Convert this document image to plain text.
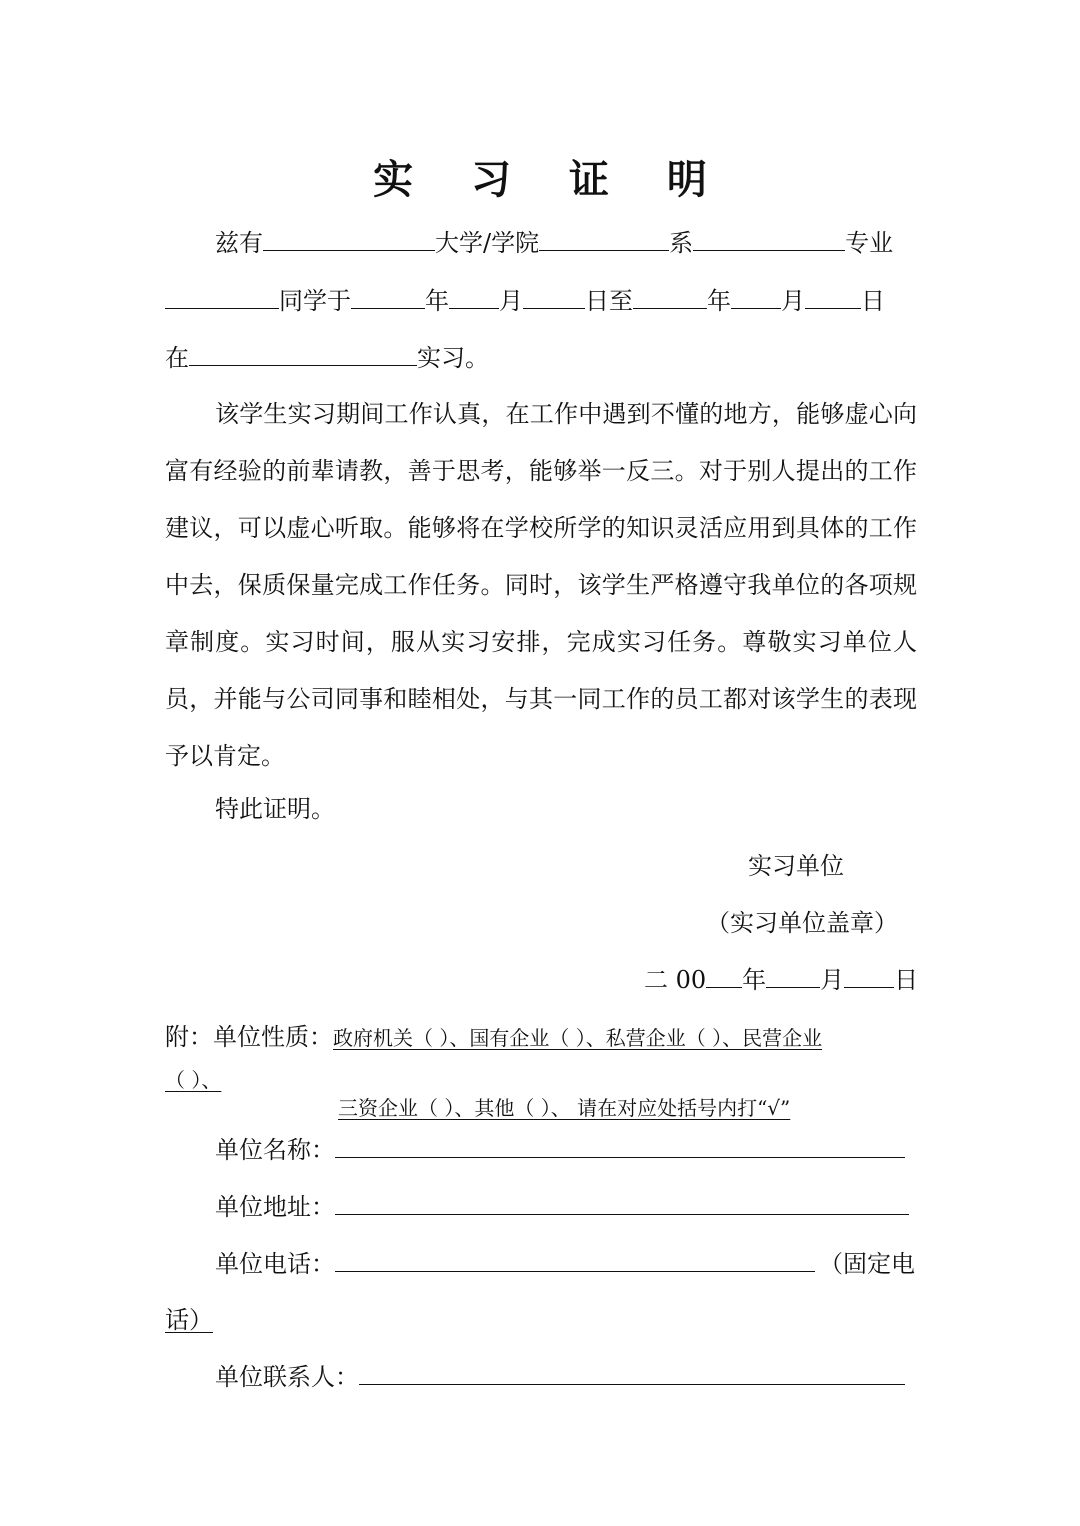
实 习 证 明
兹有	大学/学院	系	专业
同学于	年 月	日至	年 月 日
在	实习。
该学生实习期间工作认真，在工作中遇到不懂的地方，能够虚心向富有经验的前辈请教，善于思考，能够举一反三。对于别人提出的工作建议，可以虚心听取。能够将在学校所学的知识灵活应用到具体的工作中去，保质保量完成工作任务。同时，该学生严格遵守我单位的各项规章制度。实习时间，服从实习安排，完成实习任务。尊敬实习单位人员，并能与公司同事和睦相处，与其一同工作的员工都对该学生的表现予以肯定。
特此证明。
实习单位
（实习单位盖章）
二 00 年 月 日
附：单位性质：政府机关（ ）、国有企业（ ）、私营企业（ ）、民营企业
（ ）、
三资企业（ ）、其他（ ）、 请在对应处括号内打“√”
单位名称：
单位地址：
单位电话：	（固定电
话）
单位联系人：
